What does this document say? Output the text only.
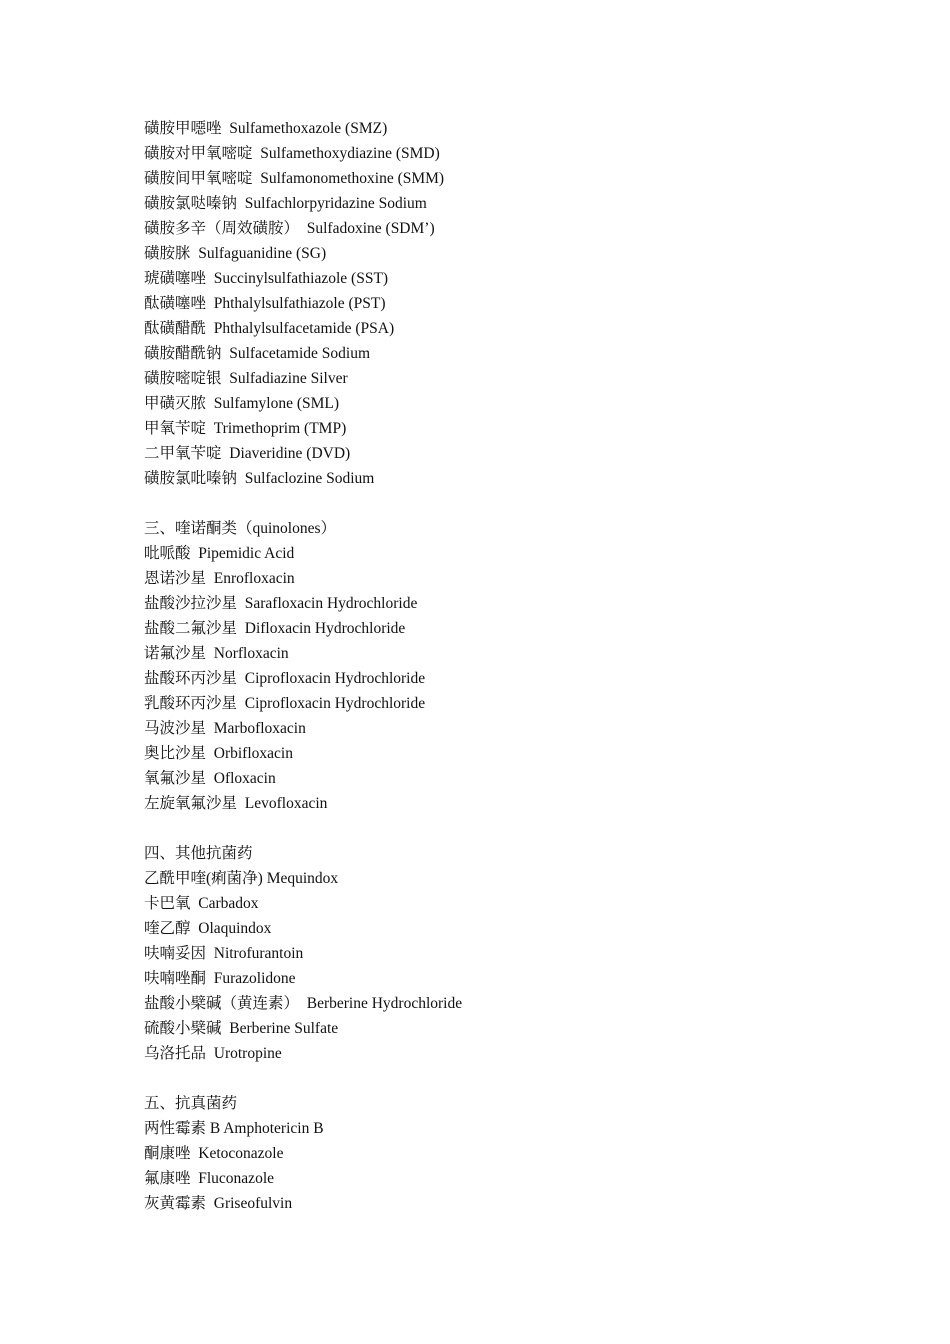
磺胺甲噁唑  Sulfamethoxazole (SMZ)
磺胺对甲氧嘧啶  Sulfamethoxydiazine (SMD)
磺胺间甲氧嘧啶  Sulfamonomethoxine (SMM)
磺胺氯哒嗪钠  Sulfachlorpyridazine Sodium
磺胺多辛（周效磺胺）  Sulfadoxine (SDM’)
磺胺脒  Sulfaguanidine (SG)
琥磺噻唑  Succinylsulfathiazole (SST)
酞磺噻唑  Phthalylsulfathiazole (PST)
酞磺醋酰  Phthalylsulfacetamide (PSA)
磺胺醋酰钠  Sulfacetamide Sodium
磺胺嘧啶银  Sulfadiazine Silver
甲磺灭脓  Sulfamylone (SML)
甲氧苄啶  Trimethoprim (TMP)
二甲氧苄啶  Diaveridine (DVD)
磺胺氯吡嗪钠  Sulfaclozine Sodium
三、喹诺酮类（quinolones）
吡哌酸  Pipemidic Acid
恩诺沙星  Enrofloxacin
盐酸沙拉沙星  Sarafloxacin Hydrochloride
盐酸二氟沙星  Difloxacin Hydrochloride
诺氟沙星  Norfloxacin
盐酸环丙沙星  Ciprofloxacin Hydrochloride
乳酸环丙沙星  Ciprofloxacin Hydrochloride
马波沙星  Marbofloxacin
奥比沙星  Orbifloxacin
氧氟沙星  Ofloxacin
左旋氧氟沙星  Levofloxacin
四、其他抗菌药
乙酰甲喹(痢菌净) Mequindox
卡巴氧  Carbadox
喹乙醇  Olaquindox
呋喃妥因  Nitrofurantoin
呋喃唑酮  Furazolidone
盐酸小檗碱（黄连素）  Berberine Hydrochloride
硫酸小檗碱  Berberine Sulfate
乌洛托品  Urotropine
五、抗真菌药
两性霉素 B Amphotericin B
酮康唑  Ketoconazole
氟康唑  Fluconazole
灰黄霉素  Griseofulvin
